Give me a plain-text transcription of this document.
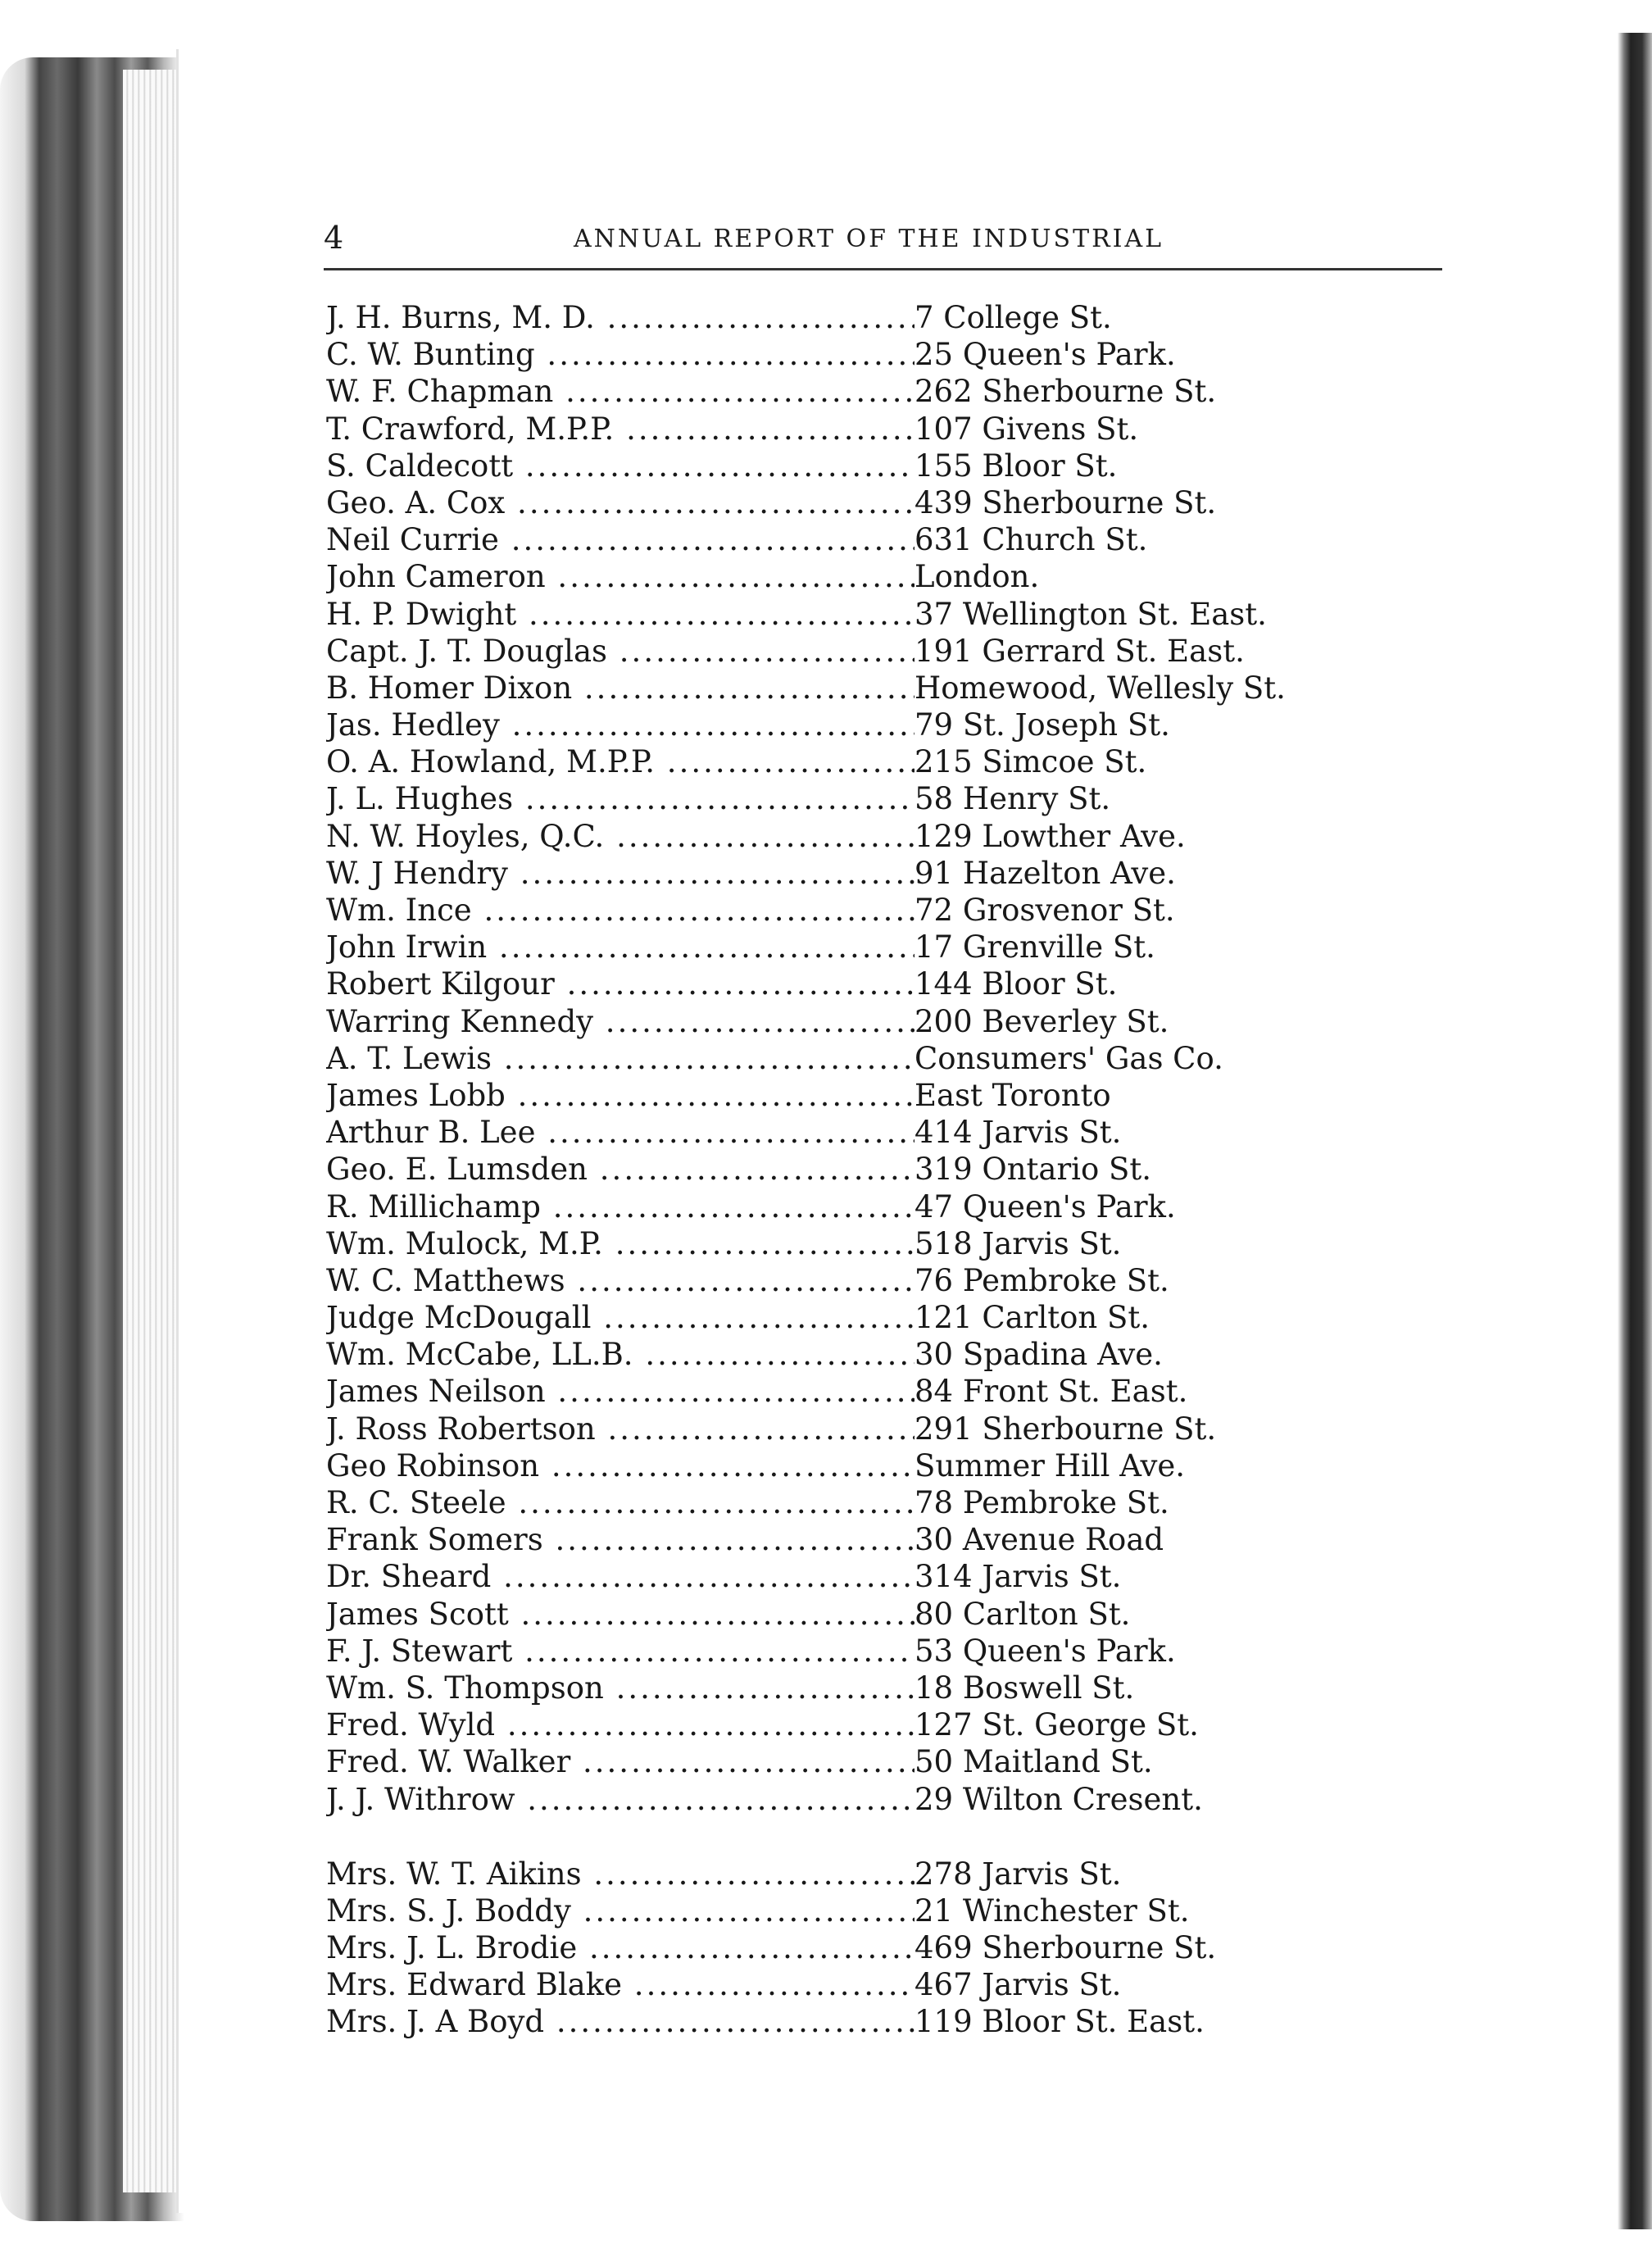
4	ANNUAL REPORT OF THE INDUSTRIAL
J. H. Burns, M. D. .....	7 College St.
C. W. Bunting .....	25 Queen's Park.
W. F. Chapman .....	262 Sherbourne St.
T. Crawford, M.P.P. .....	107 Givens St.
S. Caldecott .....	155 Bloor St.
Geo. A. Cox .....	439 Sherbourne St.
Neil Currie .....	631 Church St.
John Cameron .....	London.
H. P. Dwight .....	37 Wellington St. East.
Capt. J. T. Douglas .....	191 Gerrard St. East.
B. Homer Dixon .....	Homewood, Wellesly St.
Jas. Hedley .....	79 St. Joseph St.
O. A. Howland, M.P.P. .....	215 Simcoe St.
J. L. Hughes .....	58 Henry St.
N. W. Hoyles, Q.C. .....	129 Lowther Ave.
W. J Hendry .....	91 Hazelton Ave.
Wm. Ince .....	72 Grosvenor St.
John Irwin .....	17 Grenville St.
Robert Kilgour .....	144 Bloor St.
Warring Kennedy .....	200 Beverley St.
A. T. Lewis .....	Consumers' Gas Co.
James Lobb .....	East Toronto
Arthur B. Lee .....	414 Jarvis St.
Geo. E. Lumsden .....	319 Ontario St.
R. Millichamp .....	47 Queen's Park.
Wm. Mulock, M.P. .....	518 Jarvis St.
W. C. Matthews .....	76 Pembroke St.
Judge McDougall .....	121 Carlton St.
Wm. McCabe, LL.B. .....	30 Spadina Ave.
James Neilson .....	84 Front St. East.
J. Ross Robertson .....	291 Sherbourne St.
Geo Robinson .....	Summer Hill Ave.
R. C. Steele .....	78 Pembroke St.
Frank Somers .....	30 Avenue Road
Dr. Sheard .....	314 Jarvis St.
James Scott .....	80 Carlton St.
F. J. Stewart .....	53 Queen's Park.
Wm. S. Thompson .....	18 Boswell St.
Fred. Wyld .....	127 St. George St.
Fred. W. Walker .....	50 Maitland St.
J. J. Withrow .....	29 Wilton Cresent.
Mrs. W. T. Aikins .....	278 Jarvis St.
Mrs. S. J. Boddy .....	21 Winchester St.
Mrs. J. L. Brodie .....	469 Sherbourne St.
Mrs. Edward Blake .....	467 Jarvis St.
Mrs. J. A Boyd .....	119 Bloor St. East.
